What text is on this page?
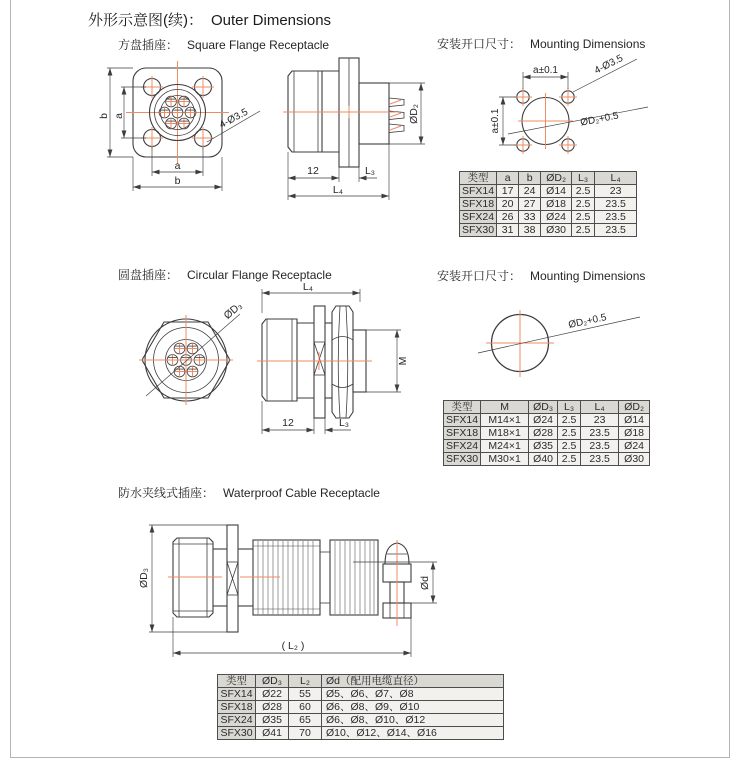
外形示意图(续)： Outer Dimensions
方盘插座： Square Flange Receptacle	安装开口尺寸： Mounting Dimensions
圆盘插座： Circular Flange Receptacle	安装开口尺寸： Mounting Dimensions
防水夹线式插座： Waterproof Cable Receptacle
b a
a
b
4-Ø3.5	ØD₂
12	L₃
L₄
a±0.1
a±0.1
4-Ø3.5
ØD₂+0.5
ØD₃
L₄
M
12	L₃
ØD₂+0.5
ØD₃	Ød
( L₂ )
类型	a	b	ØD₂	L₃	L₄
SFX14	17	24	Ø14	2.5	23
SFX18	20	27	Ø18	2.5	23.5
SFX24	26	33	Ø24	2.5	23.5
SFX30	31	38	Ø30	2.5	23.5
类型	M	ØD₃	L₃	L₄	ØD₂
SFX14	M14×1	Ø24	2.5	23	Ø14
SFX18	M18×1	Ø28	2.5	23.5	Ø18
SFX24	M24×1	Ø35	2.5	23.5	Ø24
SFX30	M30×1	Ø40	2.5	23.5	Ø30
类型	ØD₃	L₂	Ød（配用电缆直径）
SFX14	Ø22	55	Ø5、Ø6、Ø7、Ø8
SFX18	Ø28	60	Ø6、Ø8、Ø9、Ø10
SFX24	Ø35	65	Ø6、Ø8、Ø10、Ø12
SFX30	Ø41	70	Ø10、Ø12、Ø14、Ø16
